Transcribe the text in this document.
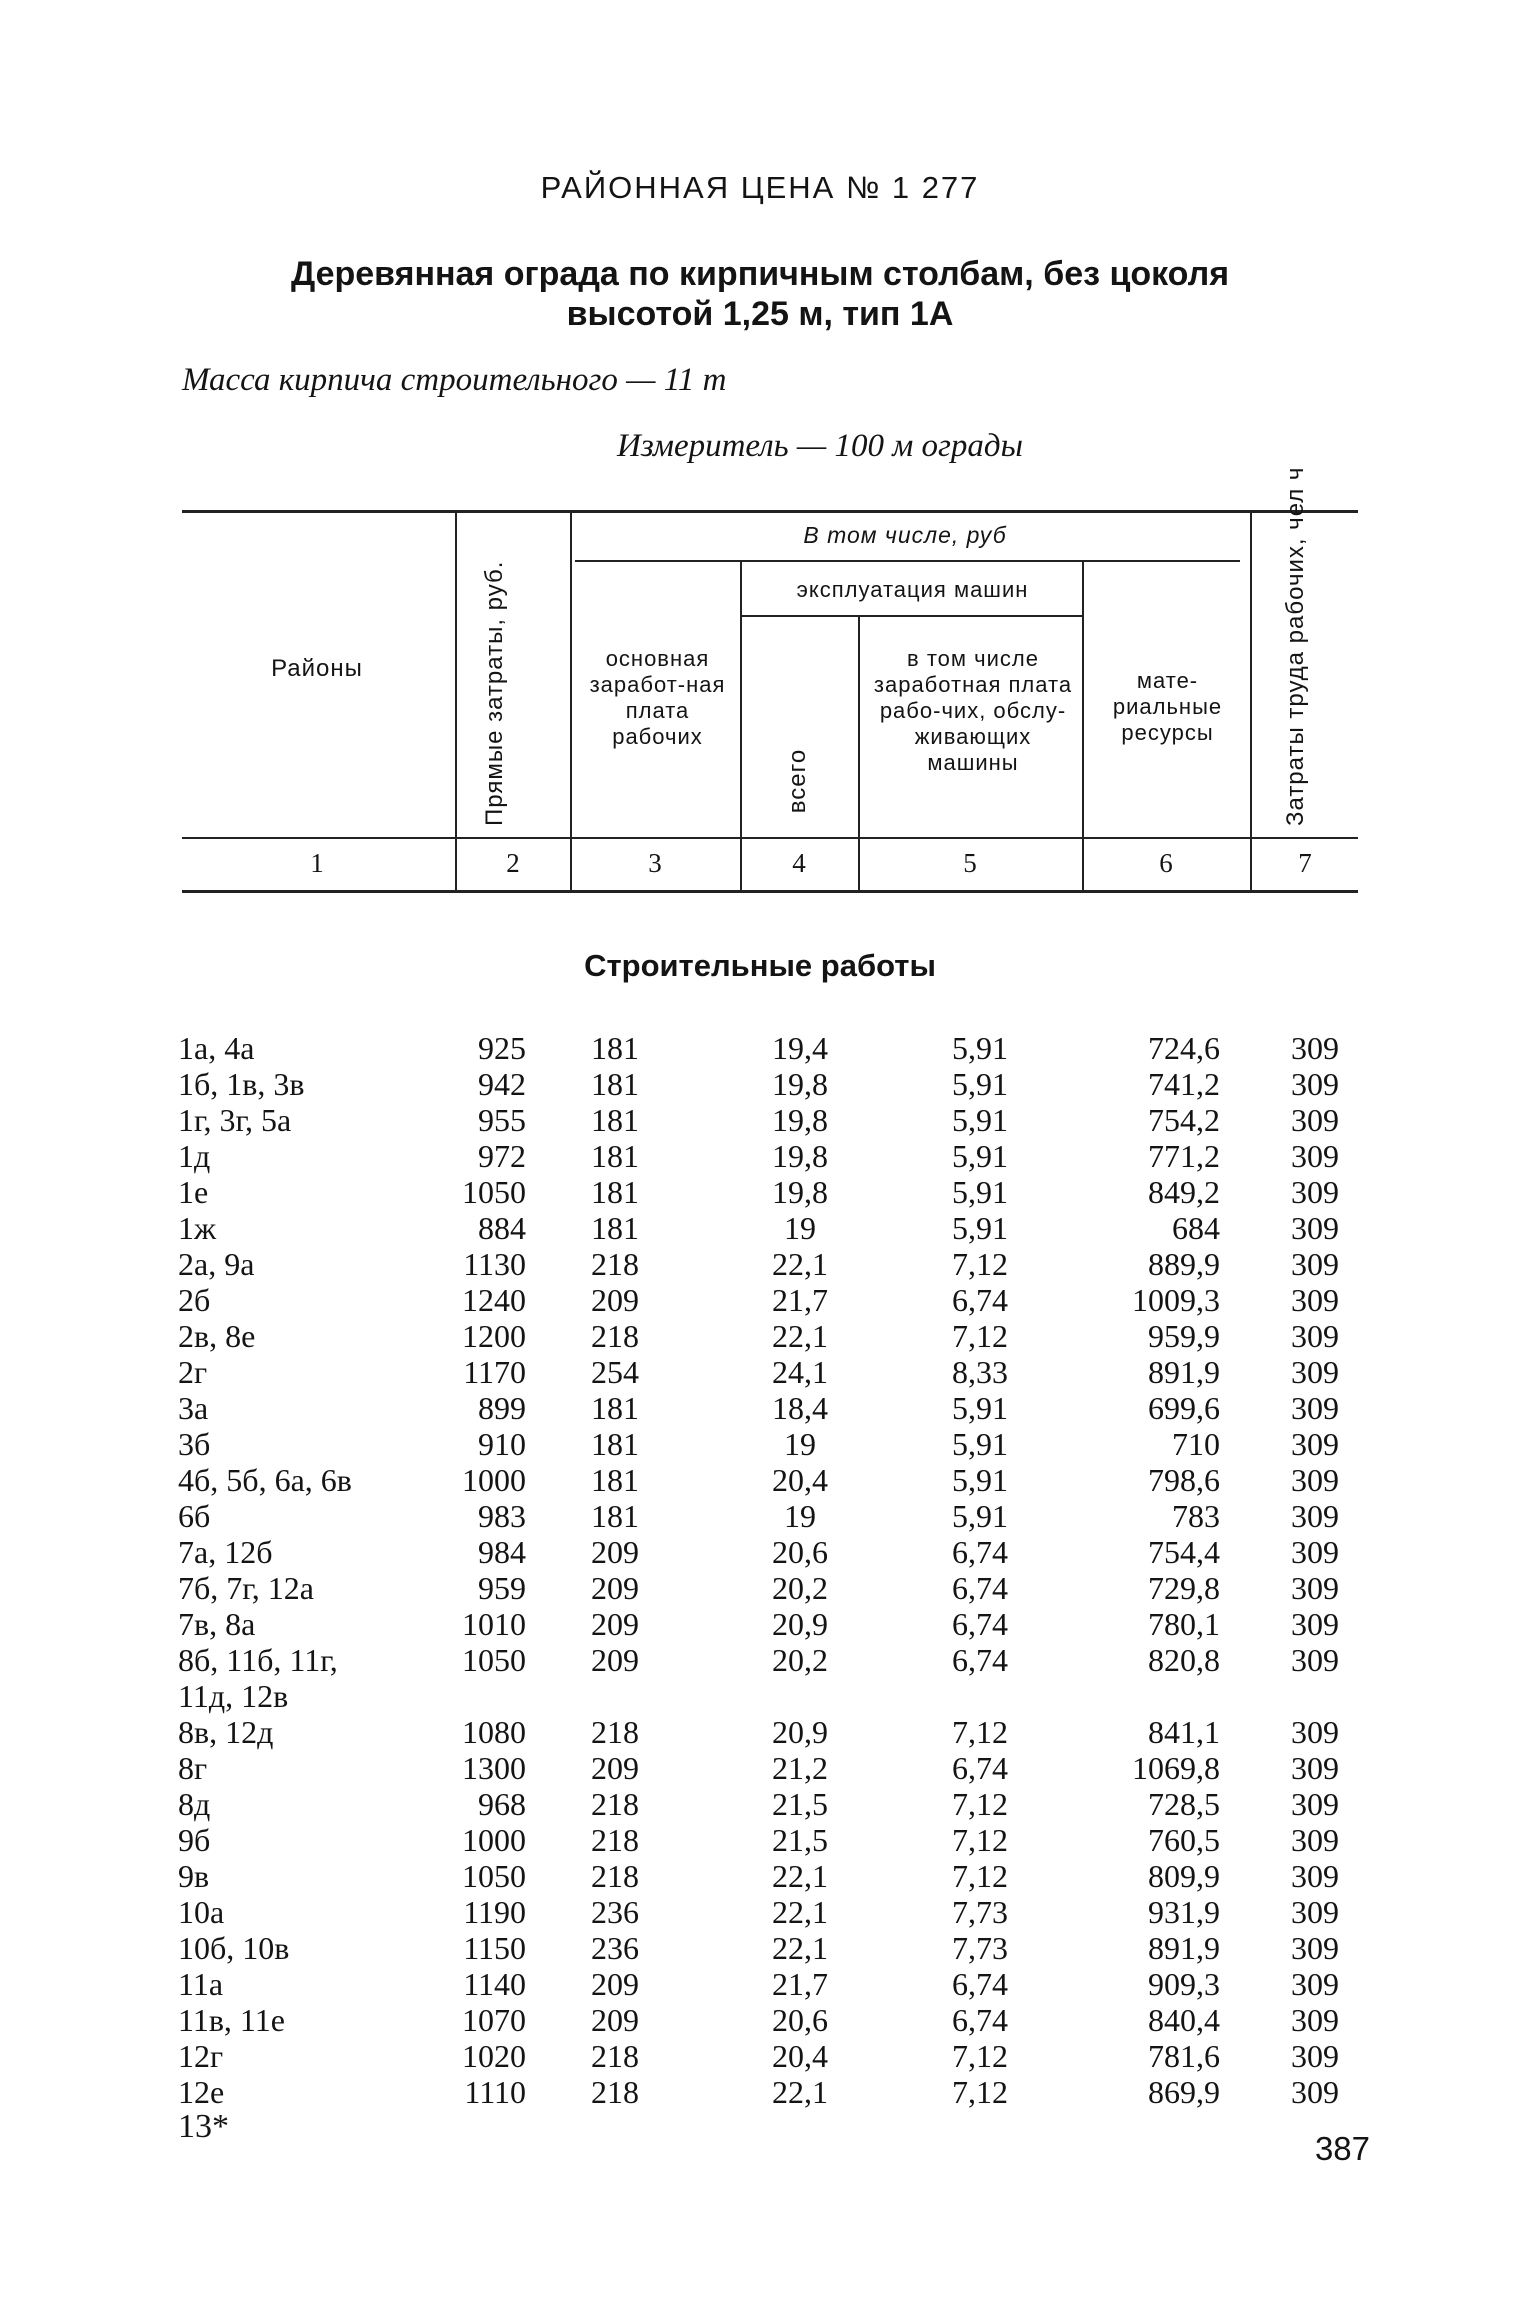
РАЙОННАЯ ЦЕНА № 1 277
Деревянная ограда по кирпичным столбам, без цоколя
высотой 1,25 м, тип 1А
Масса кирпича строительного — 11 т
Измеритель — 100 м ограды
Районы	Прямые затраты, руб.
В том числе, руб
основная заработ-ная плата рабочих
эксплуатация машин
всего
в том числе заработная плата рабо-чих, обслу-живающих машины
мате-риальные ресурсы	Затраты труда рабочих, чел ч
1	2	3	4	5	6	7
Строительные работы
1а, 4а	925	181	19,4	5,91	724,6	309
1б, 1в, 3в	942	181	19,8	5,91	741,2	309
1г, 3г, 5а	955	181	19,8	5,91	754,2	309
1д	972	181	19,8	5,91	771,2	309
1е	1050	181	19,8	5,91	849,2	309
1ж	884	181	19	5,91	684	309
2а, 9а	1130	218	22,1	7,12	889,9	309
2б	1240	209	21,7	6,74	1009,3	309
2в, 8е	1200	218	22,1	7,12	959,9	309
2г	1170	254	24,1	8,33	891,9	309
3а	899	181	18,4	5,91	699,6	309
3б	910	181	19	5,91	710	309
4б, 5б, 6а, 6в	1000	181	20,4	5,91	798,6	309
6б	983	181	19	5,91	783	309
7а, 12б	984	209	20,6	6,74	754,4	309
7б, 7г, 12а	959	209	20,2	6,74	729,8	309
7в, 8а	1010	209	20,9	6,74	780,1	309
8б, 11б, 11г,	1050	209	20,2	6,74	820,8	309
11д, 12в
8в, 12д	1080	218	20,9	7,12	841,1	309
8г	1300	209	21,2	6,74	1069,8	309
8д	968	218	21,5	7,12	728,5	309
9б	1000	218	21,5	7,12	760,5	309
9в	1050	218	22,1	7,12	809,9	309
10а	1190	236	22,1	7,73	931,9	309
10б, 10в	1150	236	22,1	7,73	891,9	309
11а	1140	209	21,7	6,74	909,3	309
11в, 11е	1070	209	20,6	6,74	840,4	309
12г	1020	218	20,4	7,12	781,6	309
12е	1110	218	22,1	7,12	869,9	309
13*
387
